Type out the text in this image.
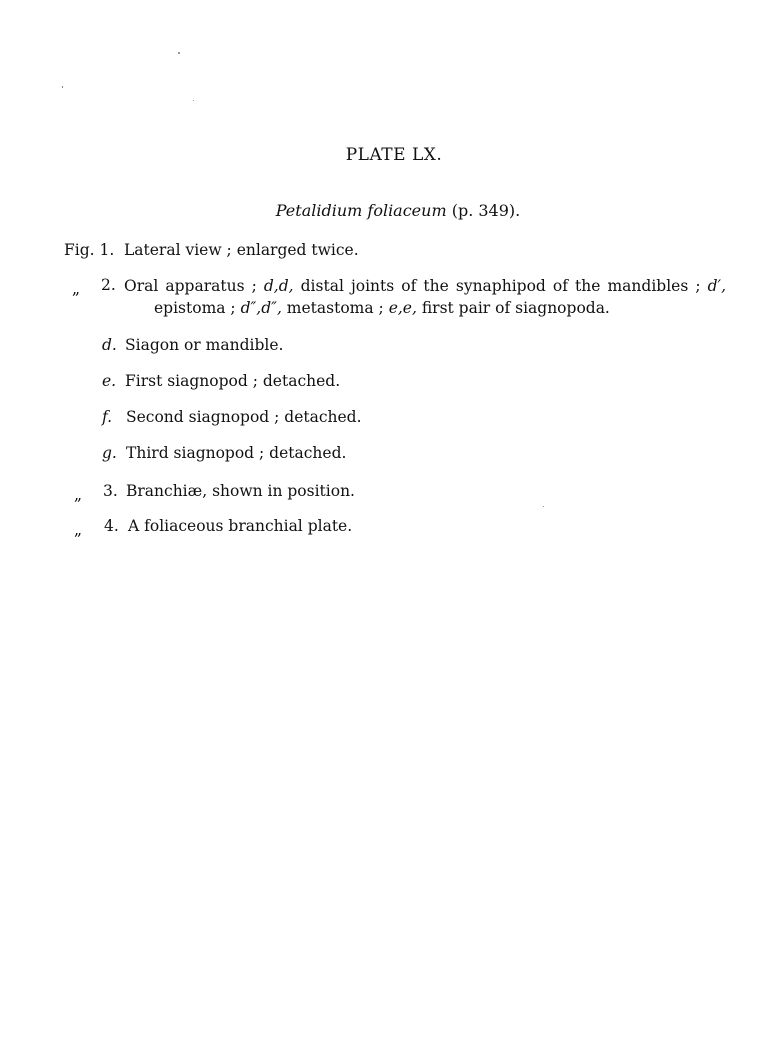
PLATE LX.
Petalidium foliaceum (p. 349).
Fig. 1. Lateral view ; enlarged twice.
„ 2. Oral apparatus ; d,d, distal joints of the synaphipod of the mandibles ; d′,
epistoma ; d″,d″, metastoma ; e,e, first pair of siagnopoda.
d. Siagon or mandible.
e. First siagnopod ; detached.
f. Second siagnopod ; detached.
g. Third siagnopod ; detached.
„ 3. Branchiæ, shown in position.
„ 4. A foliaceous branchial plate.
